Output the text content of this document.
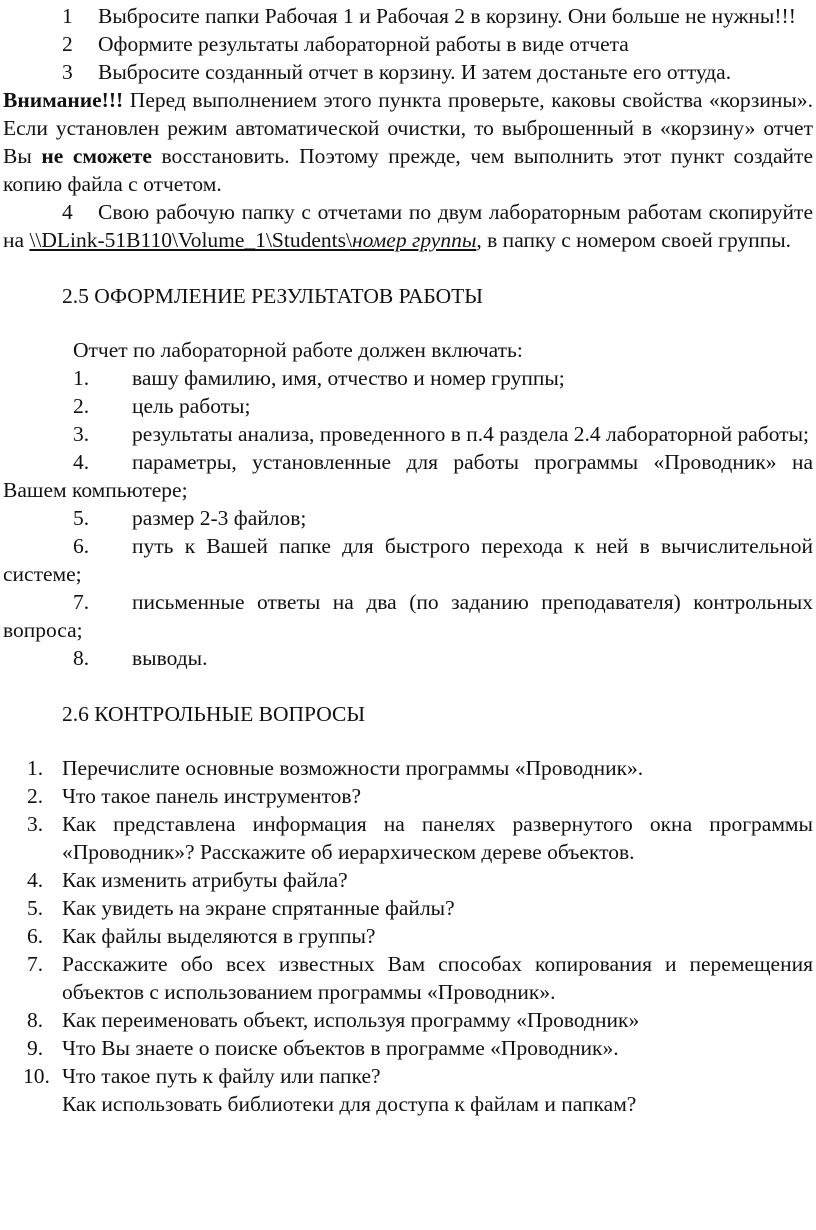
1 Выбросите папки Рабочая 1 и Рабочая 2 в корзину. Они больше не нужны!!!

2 Оформите результаты лабораторной работы в виде отчета

3 Выбросите созданный отчет в корзину. И затем достаньте его оттуда.

Внимание!!! Перед выполнением этого пункта проверьте, каковы свойства «корзины». Если установлен режим автоматической очистки, то выброшенный в «корзину» отчет Вы не сможете восстановить. Поэтому прежде, чем выполнить этот пункт создайте копию файла с отчетом.

4 Свою рабочую папку с отчетами по двум лабораторным работам скопируйте на \\DLink-51B110\Volume_1\Students\номер группы, в папку с номером своей группы.

2.5 ОФОРМЛЕНИЕ РЕЗУЛЬТАТОВ РАБОТЫ

Отчет по лабораторной работе должен включать:

1. вашу фамилию, имя, отчество и номер группы;

2. цель работы;

3. результаты анализа, проведенного в п.4 раздела 2.4 лабораторной работы;

4. параметры, установленные для работы программы «Проводник» на Вашем компьютере;

5. размер 2-3 файлов;

6. путь к Вашей папке для быстрого перехода к ней в вычислительной системе;

7. письменные ответы на два (по заданию преподавателя) контрольных вопроса;

8. выводы.

2.6 КОНТРОЛЬНЫЕ ВОПРОСЫ

1. Перечислите основные возможности программы «Проводник».
2. Что такое панель инструментов?
3. Как представлена информация на панелях развернутого окна программы «Проводник»? Расскажите об иерархическом дереве объектов.
4. Как изменить атрибуты файла?
5. Как увидеть на экране спрятанные файлы?
6. Как файлы выделяются в группы?
7. Расскажите обо всех известных Вам способах копирования и перемещения объектов с использованием программы «Проводник».
8. Как переименовать объект, используя программу «Проводник»
9. Что Вы знаете о поиске объектов в программе «Проводник».
10. Что такое путь к файлу или папке?

Как использовать библиотеки для доступа к файлам и папкам?
